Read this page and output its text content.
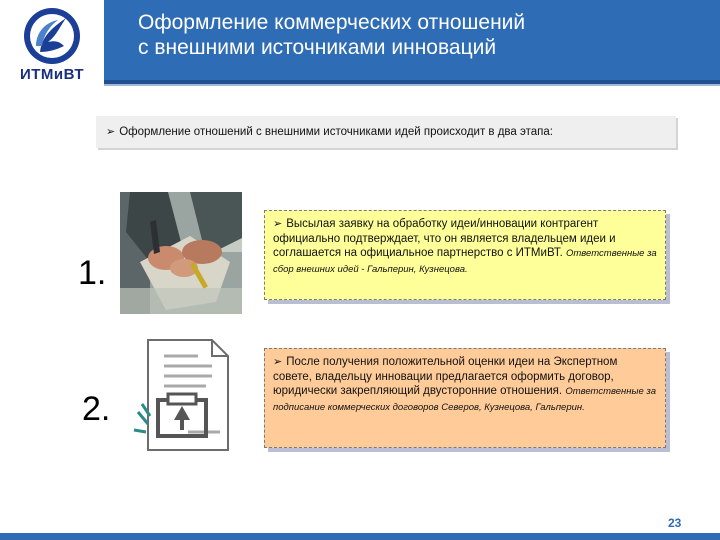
ИТМиВТ
Оформление коммерческих отношений
с внешними источниками инноваций
➢ Оформление отношений с внешними источниками идей происходит в два этапа:
1.
➢ Высылая заявку на обработку идеи/инновации контрагент официально подтверждает, что он является владельцем идеи и соглашается на официальное партнерство с ИТМиВТ. Ответственные за сбор внешних идей - Гальперин, Кузнецова.
2.
➢ После получения положительной оценки идеи на Экспертном совете, владельцу инновации предлагается оформить договор, юридически закрепляющий двусторонние отношения. Ответственные за подписание коммерческих договоров Северов, Кузнецова, Гальперин.
23
